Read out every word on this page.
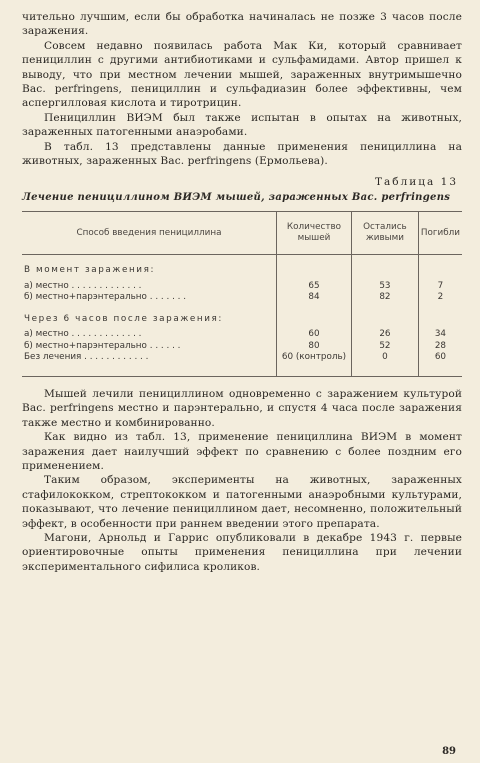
чительно лучшим, если бы обработка начиналась не позже 3 часов после заражения.

Совсем недавно появилась работа Мак Ки, который сравнивает пенициллин с другими антибиотиками и сульфамидами. Автор пришел к выводу, что при местном лечении мышей, зараженных внутримышечно Bac. perfringens, пенициллин и сульфадиазин более эффективны, чем аспергилловая кислота и тиротрицин.

Пенициллин ВИЭМ был также испытан в опытах на животных, зараженных патогенными анаэробами.

В табл. 13 представлены данные применения пенициллина на животных, зараженных Bac. perfringens (Ермольева).

Таблица 13
Лечение пенициллином ВИЭМ мышей, зараженных Bac. perfringens
Способ введения пенициллина	Количество мышей	Остались живыми	Погибли
В момент заражения:			
а) местно . . . . . . . . . . . . .	65	53	7
б) местно+парэнтерально . . . . . . .	84	82	2
Через 6 часов после заражения:			
а) местно . . . . . . . . . . . . .	60	26	34
б) местно+парэнтерально . . . . . .	80	52	28
Без лечения . . . . . . . . . . . .	60 (контроль)	0	60

Мышей лечили пенициллином одновременно с заражением культурой Bac. perfringens местно и парэнтерально, и спустя 4 часа после заражения также местно и комбинированно.

Как видно из табл. 13, применение пенициллина ВИЭМ в момент заражения дает наилучший эффект по сравнению с более поздним его применением.

Таким образом, эксперименты на животных, зараженных стафилококком, стрептококком и патогенными анаэробными культурами, показывают, что лечение пенициллином дает, несомненно, положительный эффект, в особенности при раннем введении этого препарата.

Магони, Арнольд и Гаррис опубликовали в декабре 1943 г. первые ориентировочные опыты применения пенициллина при лечении экспериментального сифилиса кроликов.

89
